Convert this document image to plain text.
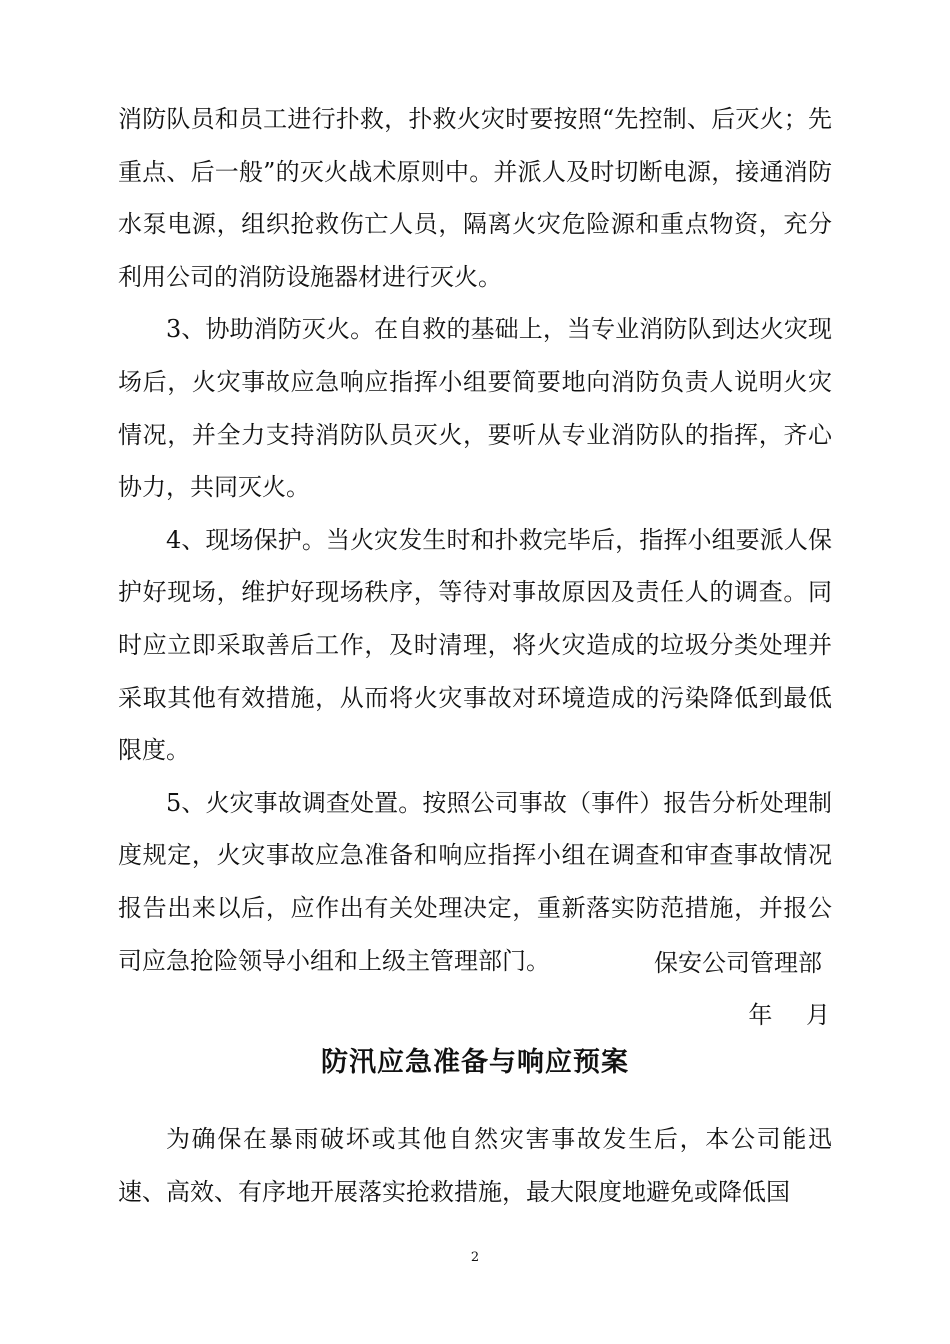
消防队员和员工进行扑救，扑救火灾时要按照“先控制、后灭火；先重点、后一般”的灭火战术原则中。并派人及时切断电源，接通消防水泵电源，组织抢救伤亡人员，隔离火灾危险源和重点物资，充分利用公司的消防设施器材进行灭火。

3、协助消防灭火。在自救的基础上，当专业消防队到达火灾现场后，火灾事故应急响应指挥小组要简要地向消防负责人说明火灾情况，并全力支持消防队员灭火，要听从专业消防队的指挥，齐心协力，共同灭火。

4、现场保护。当火灾发生时和扑救完毕后，指挥小组要派人保护好现场，维护好现场秩序，等待对事故原因及责任人的调查。同时应立即采取善后工作，及时清理，将火灾造成的垃圾分类处理并采取其他有效措施，从而将火灾事故对环境造成的污染降低到最低限度。

5、火灾事故调查处置。按照公司事故（事件）报告分析处理制度规定，火灾事故应急准备和响应指挥小组在调查和审查事故情况报告出来以后，应作出有关处理决定，重新落实防范措施，并报公司应急抢险领导小组和上级主管理部门。	保安公司管理部
年 月
防汛应急准备与响应预案

为确保在暴雨破坏或其他自然灾害事故发生后，本公司能迅速、高效、有序地开展落实抢救措施，最大限度地避免或降低国

2
